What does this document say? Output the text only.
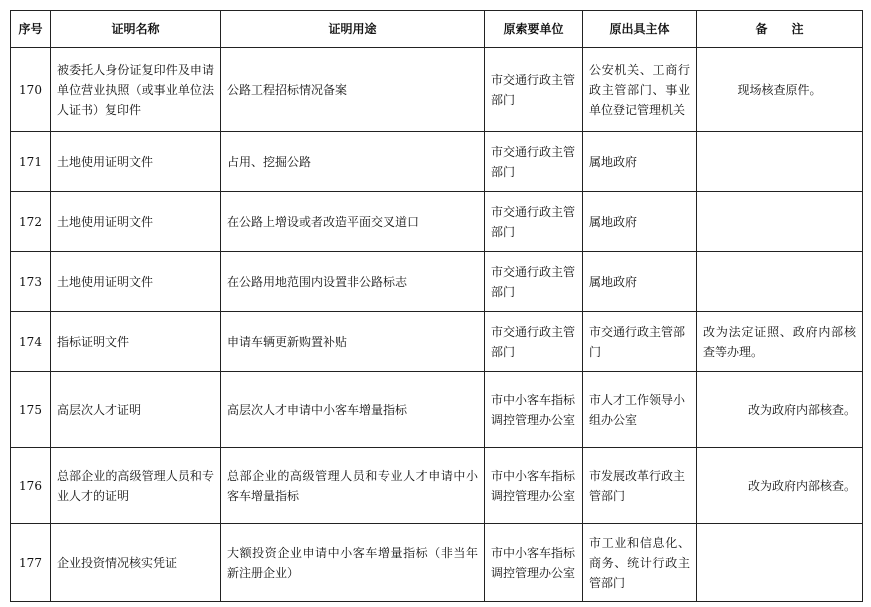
序号	证明名称	证明用途	原索要单位	原出具主体	备　　注
170	被委托人身份证复印件及申请单位营业执照（或事业单位法人证书）复印件	公路工程招标情况备案	市交通行政主管部门	公安机关、工商行政主管部门、事业单位登记管理机关	现场核查原件。
171	土地使用证明文件	占用、挖掘公路	市交通行政主管部门	属地政府	
172	土地使用证明文件	在公路上增设或者改造平面交叉道口	市交通行政主管部门	属地政府	
173	土地使用证明文件	在公路用地范围内设置非公路标志	市交通行政主管部门	属地政府	
174	指标证明文件	申请车辆更新购置补贴	市交通行政主管部门	市交通行政主管部门	改为法定证照、政府内部核查等办理。
175	高层次人才证明	高层次人才申请中小客车增量指标	市中小客车指标调控管理办公室	市人才工作领导小组办公室	改为政府内部核查。
176	总部企业的高级管理人员和专业人才的证明	总部企业的高级管理人员和专业人才申请中小客车增量指标	市中小客车指标调控管理办公室	市发展改革行政主管部门	改为政府内部核查。
177	企业投资情况核实凭证	大额投资企业申请中小客车增量指标（非当年新注册企业）	市中小客车指标调控管理办公室	市工业和信息化、商务、统计行政主管部门	
